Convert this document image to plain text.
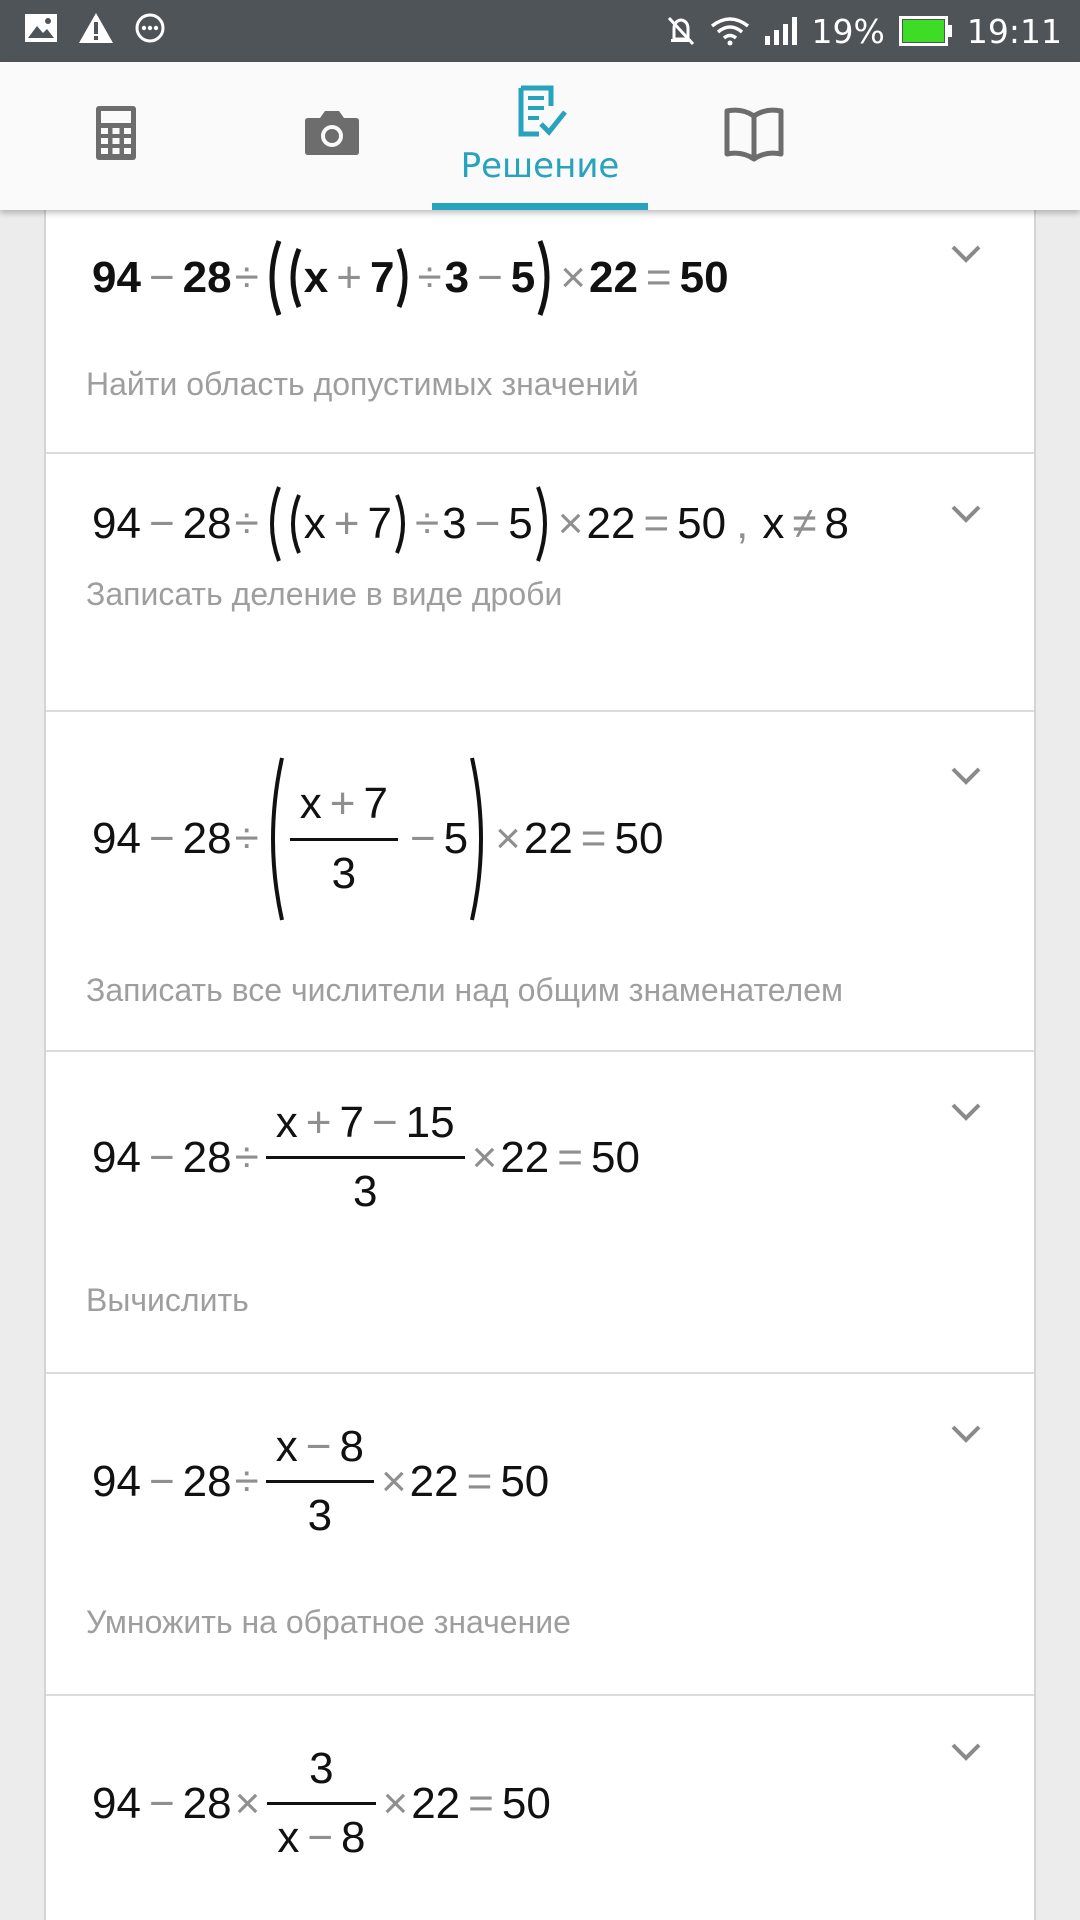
19% 19:11
Решение
94 − 28 ÷ x + 7 ÷ 3 − 5 × 22 = 50
Найти область допустимых значений
94 − 28 ÷ x + 7 ÷ 3 − 5 × 22 = 50 , x ≠ 8
Записать деление в виде дроби
$94 - 28 \div \frac{x + 7}{3} - 5 \times 22 = 50$
Записать все числители над общим знаменателем
$94 - 28 \div \frac{x + 7 - 15}{3} \times 22 = 50$
Вычислить
$94 - 28 \div \frac{x - 8}{3} \times 22 = 50$
Умножить на обратное значение
$94 - 28 \times \frac{3}{x - 8} \times 22 = 50$
